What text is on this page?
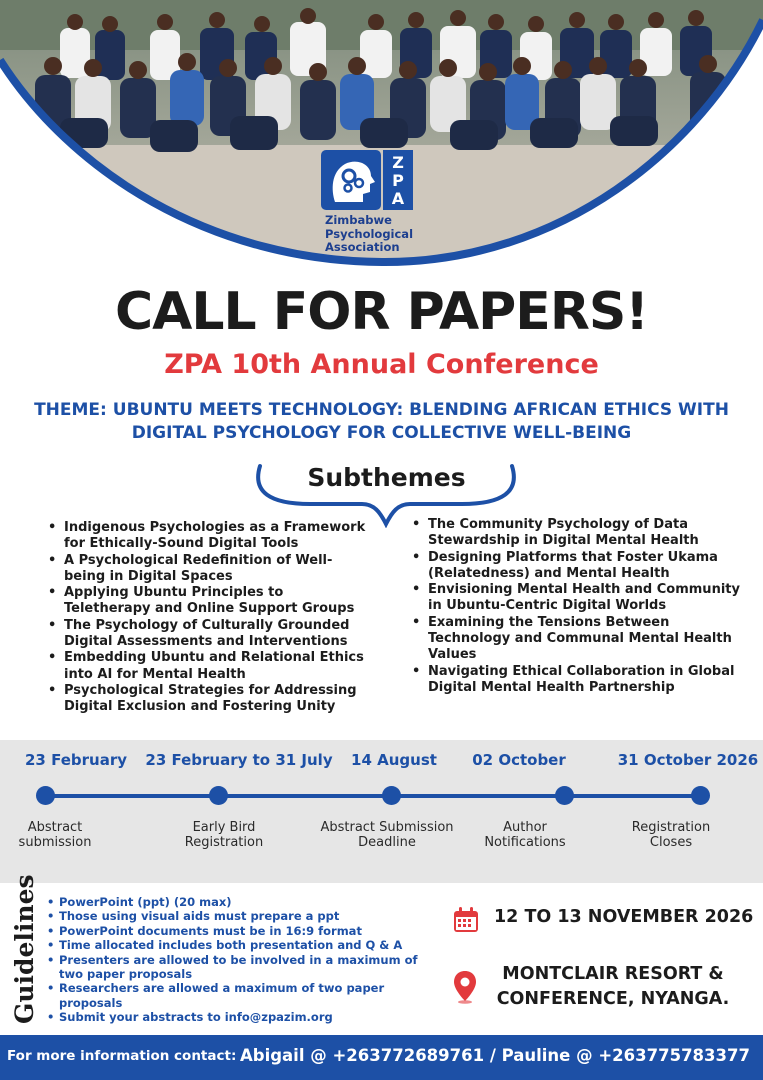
Z
P
A
Zimbabwe
Psychological
Association
CALL FOR PAPERS!
ZPA 10th Annual Conference
THEME: UBUNTU MEETS TECHNOLOGY: BLENDING AFRICAN ETHICS WITH
DIGITAL PSYCHOLOGY FOR COLLECTIVE WELL-BEING
Subthemes
• Indigenous Psychologies as a Framework for Ethically-Sound Digital Tools
• A Psychological Redefinition of Well-being in Digital Spaces
• Applying Ubuntu Principles to Teletherapy and Online Support Groups
• The Psychology of Culturally Grounded Digital Assessments and Interventions
• Embedding Ubuntu and Relational Ethics into AI for Mental Health
• Psychological Strategies for Addressing Digital Exclusion and Fostering Unity
• The Community Psychology of Data Stewardship in Digital Mental Health
• Designing Platforms that Foster Ukama (Relatedness) and Mental Health
• Envisioning Mental Health and Community in Ubuntu-Centric Digital Worlds
• Examining the Tensions Between Technology and Communal Mental Health Values
• Navigating Ethical Collaboration in Global Digital Mental Health Partnership
23 February 23 February to 31 July 14 August 02 October	31 October 2026
Abstract
submission
Early Bird
Registration
Abstract Submission
Deadline
Author
Notifications
Registration
Closes
Guidelines
•	PowerPoint (ppt) (20 max)
• Those using visual aids must prepare a ppt
• PowerPoint documents must be in 16:9 format
• Time allocated includes both presentation and Q & A
• Presenters are allowed to be involved in a maximum of two paper proposals
• Researchers are allowed a maximum of two paper proposals
• Submit your abstracts to info@zpazim.org
12 TO 13 NOVEMBER 2026
MONTCLAIR RESORT &
CONFERENCE, NYANGA.
For more information contact: Abigail @ +263772689761 / Pauline @ +263775783377
